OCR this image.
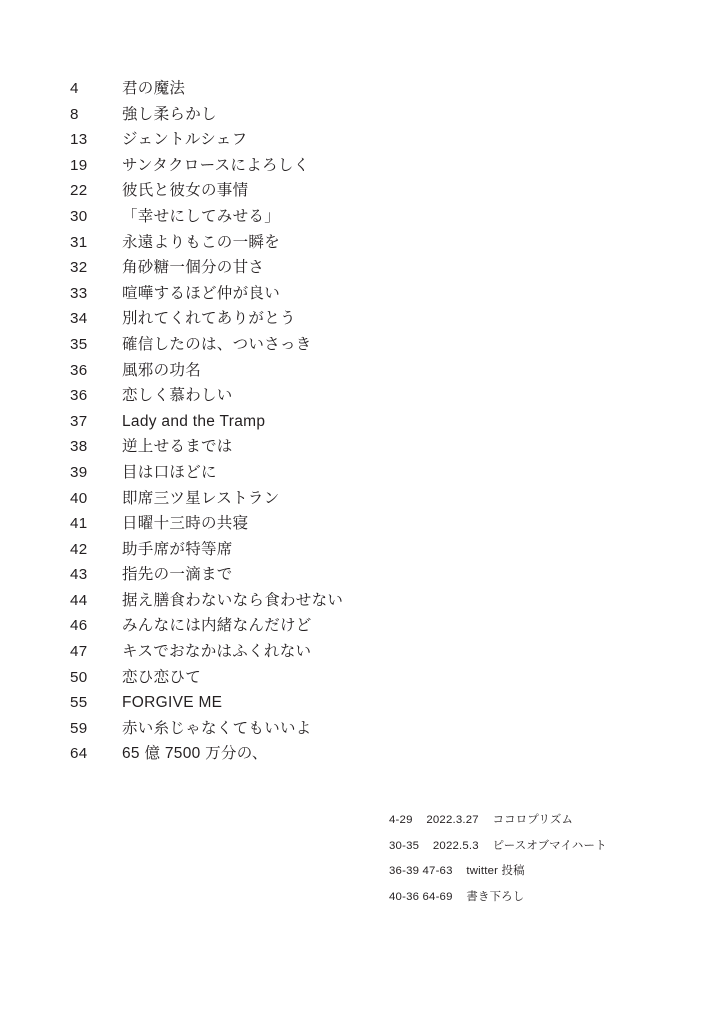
4	君の魔法
8	強し柔らかし
13	ジェントルシェフ
19	サンタクロースによろしく
22	彼氏と彼女の事情
30	「幸せにしてみせる」
31	永遠よりもこの一瞬を
32	角砂糖一個分の甘さ
33	喧嘩するほど仲が良い
34	別れてくれてありがとう
35	確信したのは、ついさっき
36	風邪の功名
36	恋しく慕わしい
37	Lady and the Tramp
38	逆上せるまでは
39	目は口ほどに
40	即席三ツ星レストラン
41	日曜十三時の共寝
42	助手席が特等席
43	指先の一滴まで
44	据え膳食わないなら食わせない
46	みんなには内緒なんだけど
47	キスでおなかはふくれない
50	恋ひ恋ひて
55	FORGIVE ME
59	赤い糸じゃなくてもいいよ
64	65 億 7500 万分の、
4-29 2022.3.27 ココロプリズム
30-35 2022.5.3 ピースオブマイハート
36-39 47-63 twitter 投稿
40-36 64-69 書き下ろし
